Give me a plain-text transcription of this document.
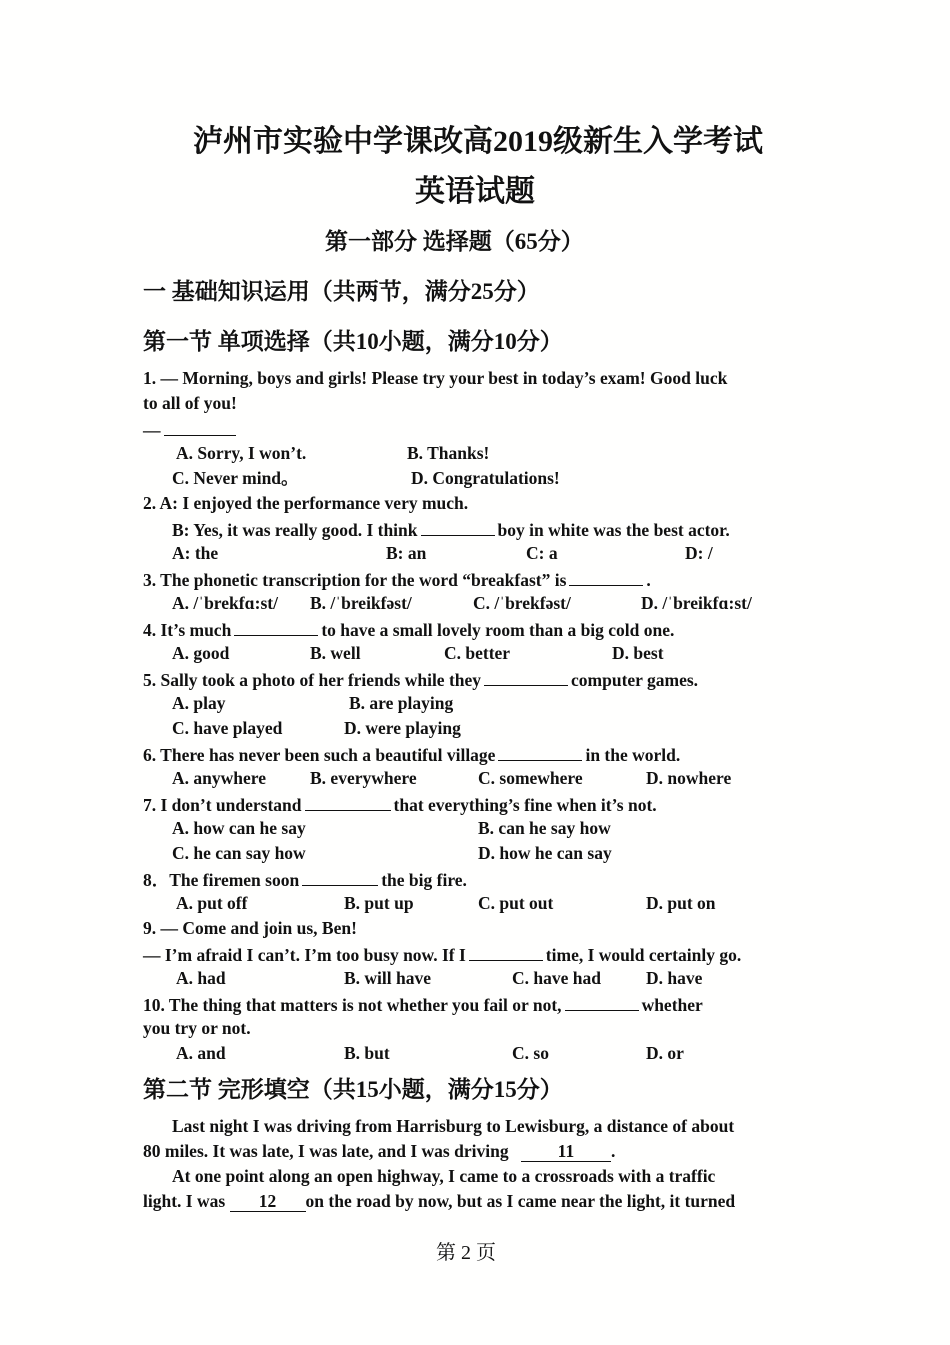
泸州市实验中学课改高2019级新生入学考试
英语试题
第一部分 选择题（65分）
一 基础知识运用（共两节，满分25分）
第一节 单项选择（共10小题，满分10分）
1. — Morning, boys and girls! Please try your best in today’s exam! Good luck
to all of you!
—
A. Sorry, I won’t.	B. Thanks!
C. Never mind。	D. Congratulations!
2. A: I enjoyed the performance very much.
B: Yes, it was really good. I think	boy in white was the best actor.
A: the	B: an	C: a	D: /
3. The phonetic transcription for the word “breakfast” is	.
A. /ˈbrekfɑ:st/ B. /ˈbreikfəst/	C. /ˈbrekfəst/	D. /ˈbreikfɑ:st/
4. It’s much	to have a small lovely room than a big cold one.
A. good	B. well	C. better	D. best
5. Sally took a photo of her friends while they	computer games.
A. play	B. are playing
C. have played	D. were playing
6. There has never been such a beautiful village	in the world.
A. anywhere	B. everywhere	C. somewhere	D. nowhere
7. I don’t understand	that everything’s fine when it’s not.
A. how can he say	B. can he say how
C. he can say how	D. how he can say
8．The firemen soon	the big fire.
A. put off	B. put up	C. put out	D. put on
9. — Come and join us, Ben!
— I’m afraid I can’t. I’m too busy now. If I	time, I would certainly go.
A. had	B. will have	C. have had	D. have
10. The thing that matters is not whether you fail or not,	whether
you try or not.
A. and	B. but	C. so	D. or
第二节 完形填空（共15小题，满分15分）
Last night I was driving from Harrisburg to Lewisburg, a distance of about
80 miles. It was late, I was late, and I was driving	11 .
At one point along an open highway, I came to a crossroads with a traffic
light. I was 12 on the road by now, but as I came near the light, it turned
第 2 页
